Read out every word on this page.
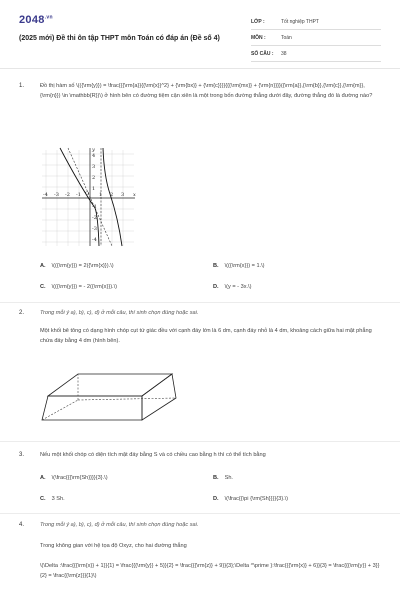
$2048^{.vn}$
(2025 mới) Đề thi ôn tập THPT môn Toán có đáp án (Đề số 4)
LỚP :	Tốt nghiệp THPT
MÔN :	Toán
SỐ CÂU :	38
1.	Đồ thị hàm số \(({\rm{y}}) = \frac{{{\rm{a}}{{\rm{x}}^2} + {\rm{bx}} + {\rm{c}}}}{{{\rm{mx}} + {\rm{n}}}}({\rm{a}},{\rm{b}},{\rm{c}},{\rm{m}},{\rm{n}}) \in \mathbb{R})\) ở hình bên có đường tiệm cận xiên là một trong bốn đường thẳng dưới đây, đường thẳng đó là đường nào?
-4 -3 -2 -1	1 2 3
4
3
2
1
-1
-2
-3
-4
O	x
y
A. \(({\rm{y}}) = 2({\rm{x}}).\)	B. \(({\rm{x}}) = 1.\)
C. \(({\rm{y}}) = - 2({\rm{x}}).\)	D. \(y = - 3x.\)
2.	Trong mỗi ý a), b), c), d) ở mỗi câu, thí sinh chọn đúng hoặc sai.
Một khối bê tông có dạng hình chóp cụt tứ giác đều với cạnh đáy lớn là 6 dm, cạnh đáy nhỏ là 4 dm, khoảng cách giữa hai mặt phẳng chứa đáy bằng 4 dm (hình bên).
3.	Nếu một khối chóp có diện tích mặt đáy bằng S và có chiều cao bằng h thì có thể tích bằng
A. \(\frac{{{\rm{Sh}}}}{3}.\)	B. Sh.
C. 3 Sh.	D. \(\frac{{\pi {\rm{Sh}}}}{3}.\)
4.	Trong mỗi ý a), b), c), d) ở mỗi câu, thí sinh chọn đúng hoặc sai.
Trong không gian với hệ tọa độ Oxyz, cho hai đường thẳng
\(\Delta :\frac{{{\rm{x}} + 1}}{1} = \frac{{{\rm{y}} + 5}}{2} = \frac{{{\rm{z}} + 9}}{3};\Delta ^\prime }:\frac{{{\rm{x}} + 6}}{3} = \frac{{{\rm{y}} + 3}}{2} = \frac{{\rm{z}}}{1}\)
